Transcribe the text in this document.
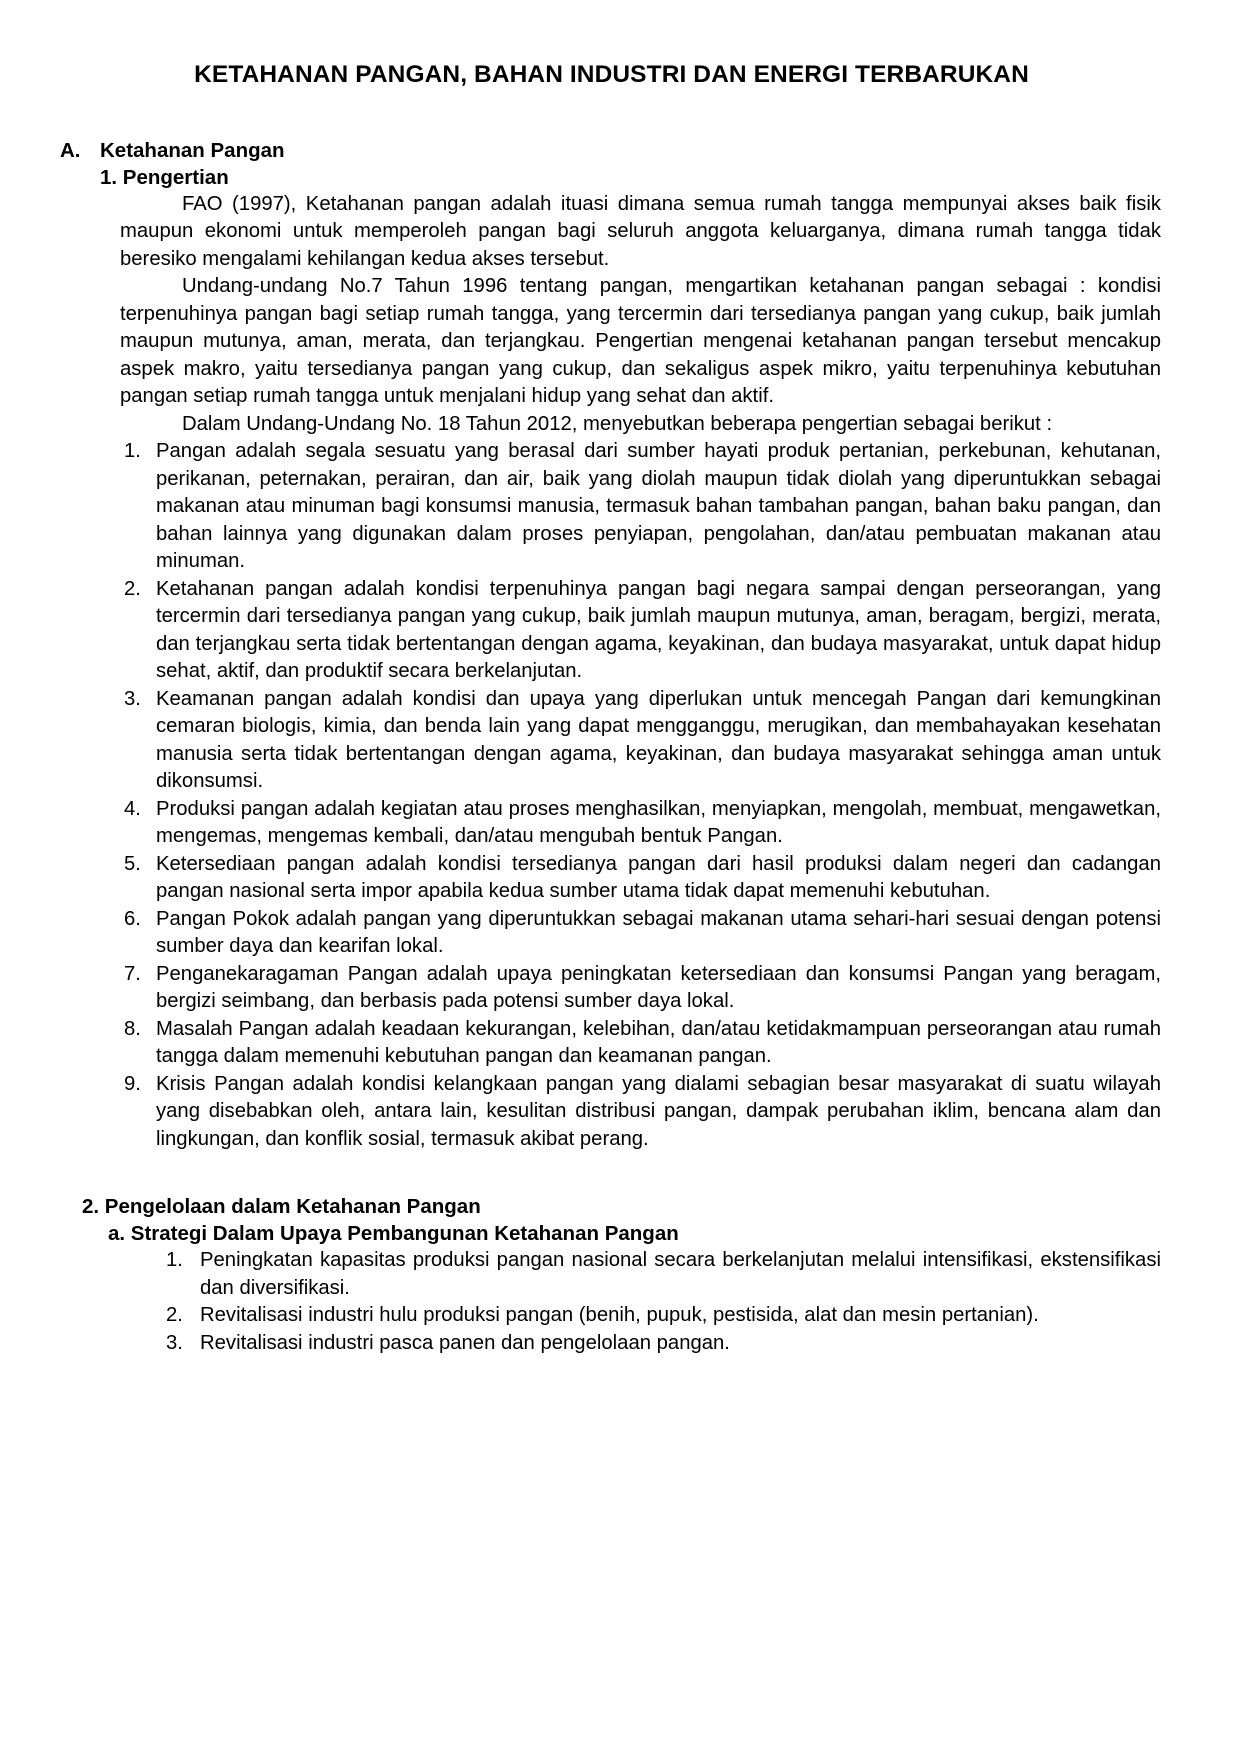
KETAHANAN PANGAN, BAHAN INDUSTRI DAN ENERGI TERBARUKAN
A. Ketahanan Pangan
1. Pengertian

FAO (1997), Ketahanan pangan adalah ituasi dimana semua rumah tangga mempunyai akses baik fisik maupun ekonomi untuk memperoleh pangan bagi seluruh anggota keluarganya, dimana rumah tangga tidak beresiko mengalami kehilangan kedua akses tersebut.

Undang-undang No.7 Tahun 1996 tentang pangan, mengartikan ketahanan pangan sebagai : kondisi terpenuhinya pangan bagi setiap rumah tangga, yang tercermin dari tersedianya pangan yang cukup, baik jumlah maupun mutunya, aman, merata, dan terjangkau. Pengertian mengenai ketahanan pangan tersebut mencakup aspek makro, yaitu tersedianya pangan yang cukup, dan sekaligus aspek mikro, yaitu terpenuhinya kebutuhan pangan setiap rumah tangga untuk menjalani hidup yang sehat dan aktif.

Dalam Undang-Undang No. 18 Tahun 2012, menyebutkan beberapa pengertian sebagai berikut :

1. Pangan adalah segala sesuatu yang berasal dari sumber hayati produk pertanian, perkebunan, kehutanan, perikanan, peternakan, perairan, dan air, baik yang diolah maupun tidak diolah yang diperuntukkan sebagai makanan atau minuman bagi konsumsi manusia, termasuk bahan tambahan pangan, bahan baku pangan, dan bahan lainnya yang digunakan dalam proses penyiapan, pengolahan, dan/atau pembuatan makanan atau minuman.
2. Ketahanan pangan adalah kondisi terpenuhinya pangan bagi negara sampai dengan perseorangan, yang tercermin dari tersedianya pangan yang cukup, baik jumlah maupun mutunya, aman, beragam, bergizi, merata, dan terjangkau serta tidak bertentangan dengan agama, keyakinan, dan budaya masyarakat, untuk dapat hidup sehat, aktif, dan produktif secara berkelanjutan.
3. Keamanan pangan adalah kondisi dan upaya yang diperlukan untuk mencegah Pangan dari kemungkinan cemaran biologis, kimia, dan benda lain yang dapat mengganggu, merugikan, dan membahayakan kesehatan manusia serta tidak bertentangan dengan agama, keyakinan, dan budaya masyarakat sehingga aman untuk dikonsumsi.
4. Produksi pangan adalah kegiatan atau proses menghasilkan, menyiapkan, mengolah, membuat, mengawetkan, mengemas, mengemas kembali, dan/atau mengubah bentuk Pangan.
5. Ketersediaan pangan adalah kondisi tersedianya pangan dari hasil produksi dalam negeri dan cadangan pangan nasional serta impor apabila kedua sumber utama tidak dapat memenuhi kebutuhan.
6. Pangan Pokok adalah pangan yang diperuntukkan sebagai makanan utama sehari-hari sesuai dengan potensi sumber daya dan kearifan lokal.
7. Penganekaragaman Pangan adalah upaya peningkatan ketersediaan dan konsumsi Pangan yang beragam, bergizi seimbang, dan berbasis pada potensi sumber daya lokal.
8. Masalah Pangan adalah keadaan kekurangan, kelebihan, dan/atau ketidakmampuan perseorangan atau rumah tangga dalam memenuhi kebutuhan pangan dan keamanan pangan.
9. Krisis Pangan adalah kondisi kelangkaan pangan yang dialami sebagian besar masyarakat di suatu wilayah yang disebabkan oleh, antara lain, kesulitan distribusi pangan, dampak perubahan iklim, bencana alam dan lingkungan, dan konflik sosial, termasuk akibat perang.
2. Pengelolaan dalam Ketahanan Pangan
a. Strategi Dalam Upaya Pembangunan Ketahanan Pangan
1. Peningkatan kapasitas produksi pangan nasional secara berkelanjutan melalui intensifikasi, ekstensifikasi dan diversifikasi.
2. Revitalisasi industri hulu produksi pangan (benih, pupuk, pestisida, alat dan mesin pertanian).
3. Revitalisasi industri pasca panen dan pengelolaan pangan.
